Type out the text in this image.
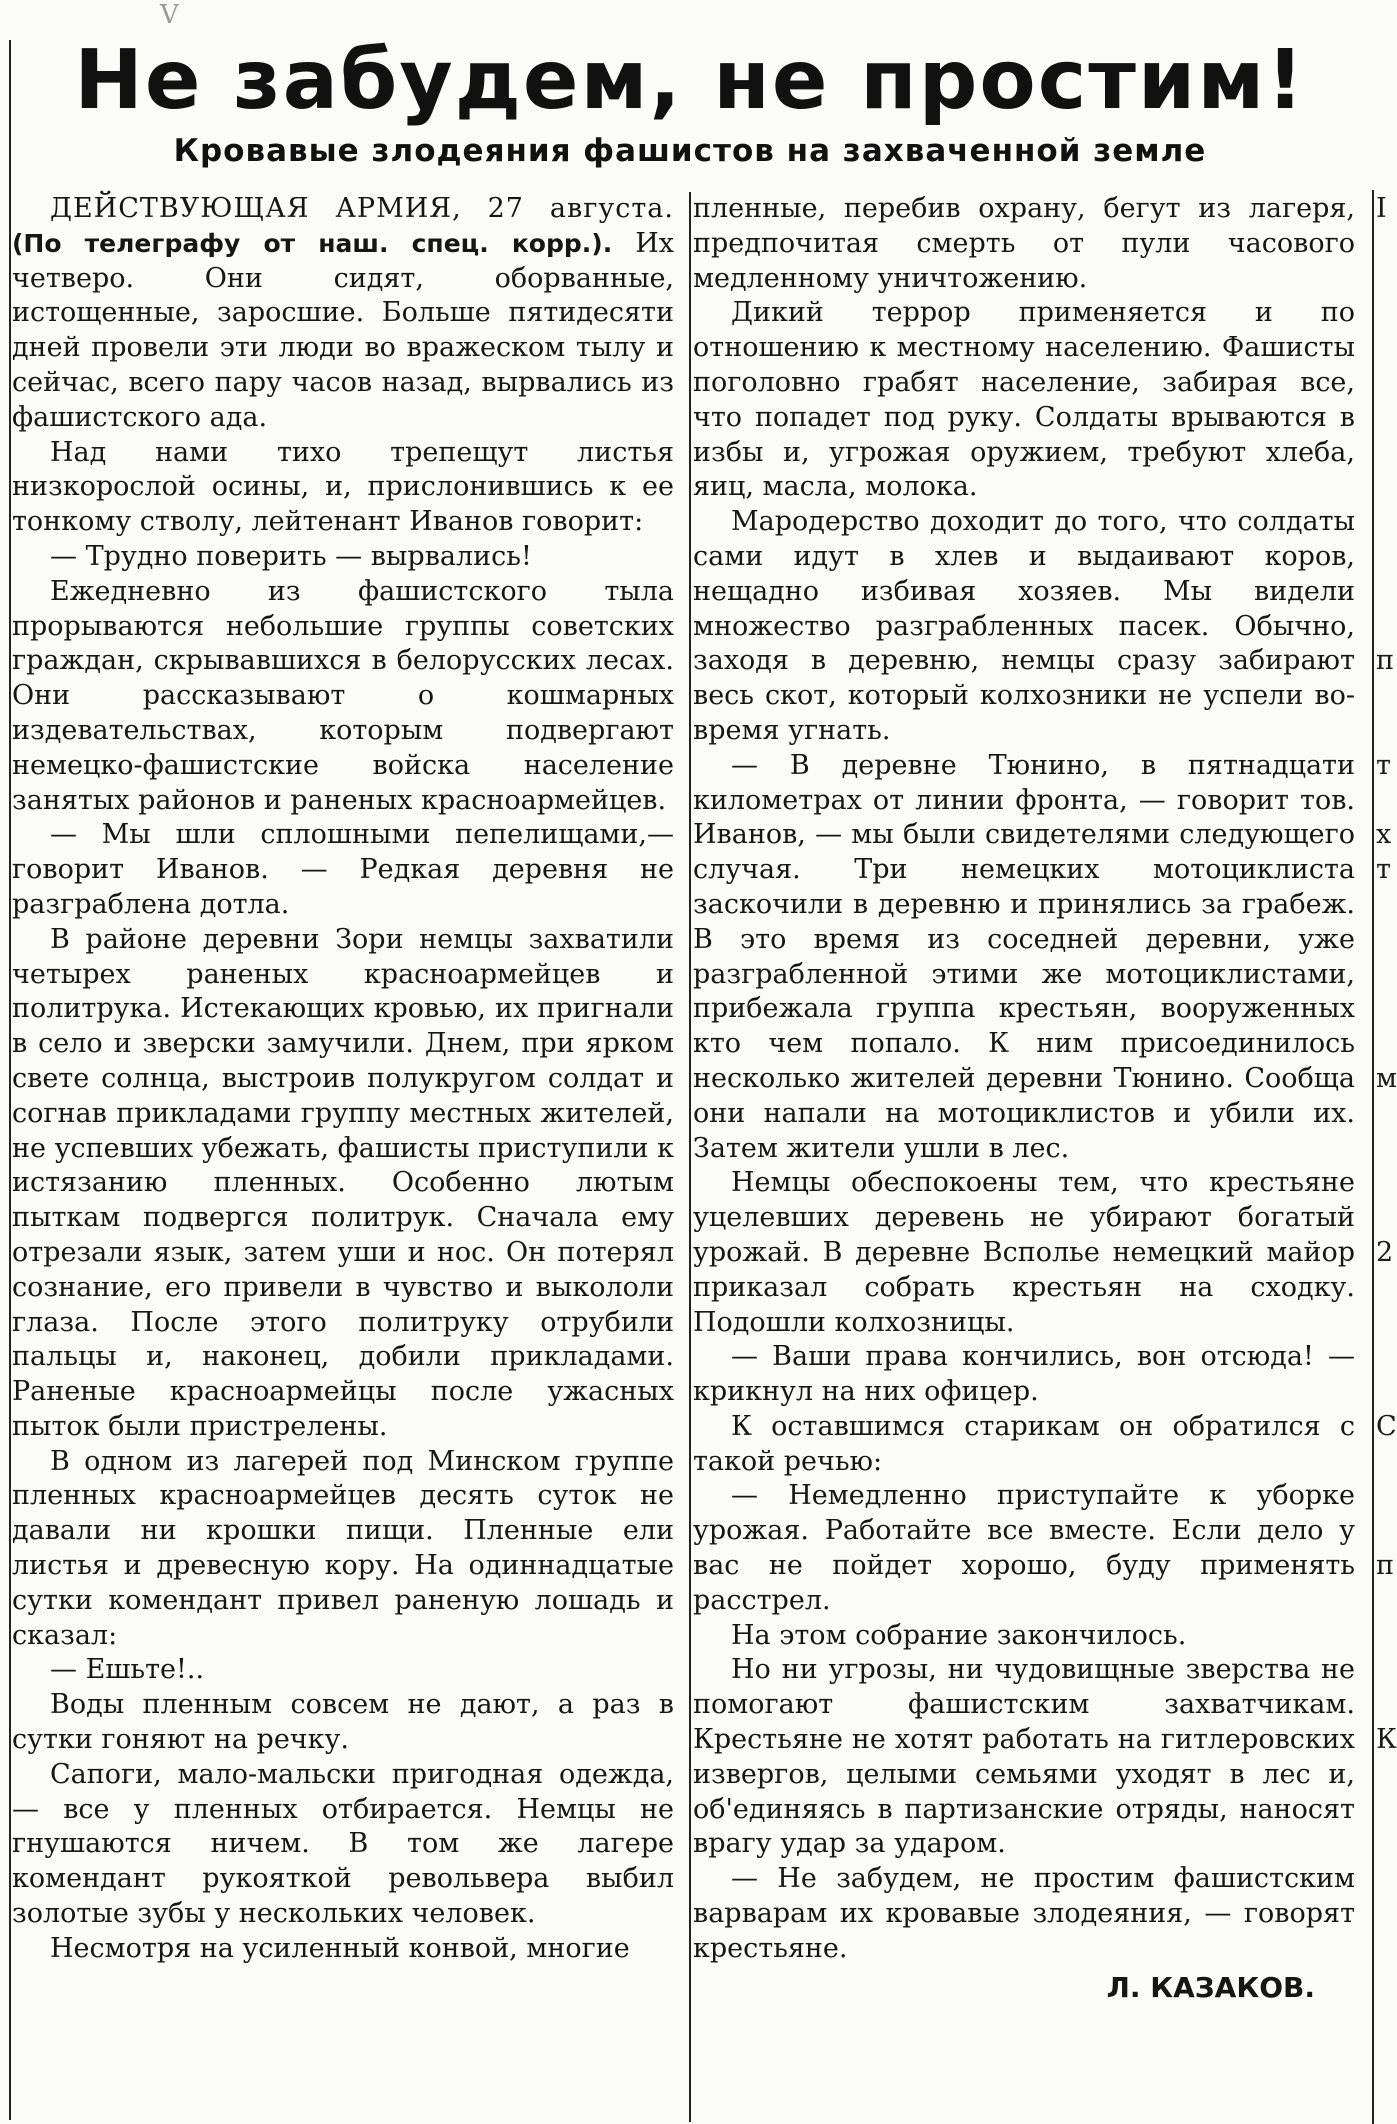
V
Не забудем, не простим!
Кровавые злодеяния фашистов на захваченной земле

ДЕЙСТВУЮЩАЯ АРМИЯ, 27 августа. (По телеграфу от наш. спец. корр.). Их четверо. Они сидят, оборванные, истощенные, заросшие. Больше пятидесяти дней провели эти люди во вражеском тылу и сейчас, всего пару часов назад, вырвались из фашистского ада.

Над нами тихо трепещут листья низкорослой осины, и, прислонившись к ее тонкому стволу, лейтенант Иванов говорит:

— Трудно поверить — вырвались!

Ежедневно из фашистского тыла прорываются небольшие группы советских граждан, скрывавшихся в белорусских лесах. Они рассказывают о кошмарных издевательствах, которым подвергают немецко-фашистские войска население занятых районов и раненых красноармейцев.

— Мы шли сплошными пепелищами,— говорит Иванов. — Редкая деревня не разграблена дотла.

В районе деревни Зори немцы захватили четырех раненых красноармейцев и политрука. Истекающих кровью, их пригнали в село и зверски замучили. Днем, при ярком свете солнца, выстроив полукругом солдат и согнав прикладами группу местных жителей, не успевших убежать, фашисты приступили к истязанию пленных. Особенно лютым пыткам подвергся политрук. Сначала ему отрезали язык, затем уши и нос. Он потерял сознание, его привели в чувство и выкололи глаза. После этого политруку отрубили пальцы и, наконец, добили прикладами. Раненые красноармейцы после ужасных пыток были пристрелены.

В одном из лагерей под Минском группе пленных красноармейцев десять суток не давали ни крошки пищи. Пленные ели листья и древесную кору. На одиннадцатые сутки комендант привел раненую лошадь и сказал:

— Ешьте!..

Воды пленным совсем не дают, а раз в сутки гоняют на речку.

Сапоги, мало-мальски пригодная одежда, — все у пленных отбирается. Немцы не гнушаются ничем. В том же лагере комендант рукояткой револьвера выбил золотые зубы у нескольких человек.

Несмотря на усиленный конвой, многие

пленные, перебив охрану, бегут из лагеря, предпочитая смерть от пули часового медленному уничтожению.

Дикий террор применяется и по отношению к местному населению. Фашисты поголовно грабят население, забирая все, что попадет под руку. Солдаты врываются в избы и, угрожая оружием, требуют хлеба, яиц, масла, молока.

Мародерство доходит до того, что солдаты сами идут в хлев и выдаивают коров, нещадно избивая хозяев. Мы видели множество разграбленных пасек. Обычно, заходя в деревню, немцы сразу забирают весь скот, который колхозники не успели во-время угнать.

— В деревне Тюнино, в пятнадцати километрах от линии фронта, — говорит тов. Иванов, — мы были свидетелями следующего случая. Три немецких мотоциклиста заскочили в деревню и принялись за грабеж. В это время из соседней деревни, уже разграбленной этими же мотоциклистами, прибежала группа крестьян, вооруженных кто чем попало. К ним присоединилось несколько жителей деревни Тюнино. Сообща они напали на мотоциклистов и убили их. Затем жители ушли в лес.

Немцы обеспокоены тем, что крестьяне уцелевших деревень не убирают богатый урожай. В деревне Всполье немецкий майор приказал собрать крестьян на сходку. Подошли колхозницы.

— Ваши права кончились, вон отсюда! — крикнул на них офицер.

К оставшимся старикам он обратился с такой речью:

— Немедленно приступайте к уборке урожая. Работайте все вместе. Если дело у вас не пойдет хорошо, буду применять расстрел.

На этом собрание закончилось.

Но ни угрозы, ни чудовищные зверства не помогают фашистским захватчикам. Крестьяне не хотят работать на гитлеровских извергов, целыми семьями уходят в лес и, об'единяясь в партизанские отряды, наносят врагу удар за ударом.

— Не забудем, не простим фашистским варварам их кровавые злодеяния, — говорят крестьяне.

Л. КАЗАКОВ.

I
п
т
х
т
м
2
С
п
К
